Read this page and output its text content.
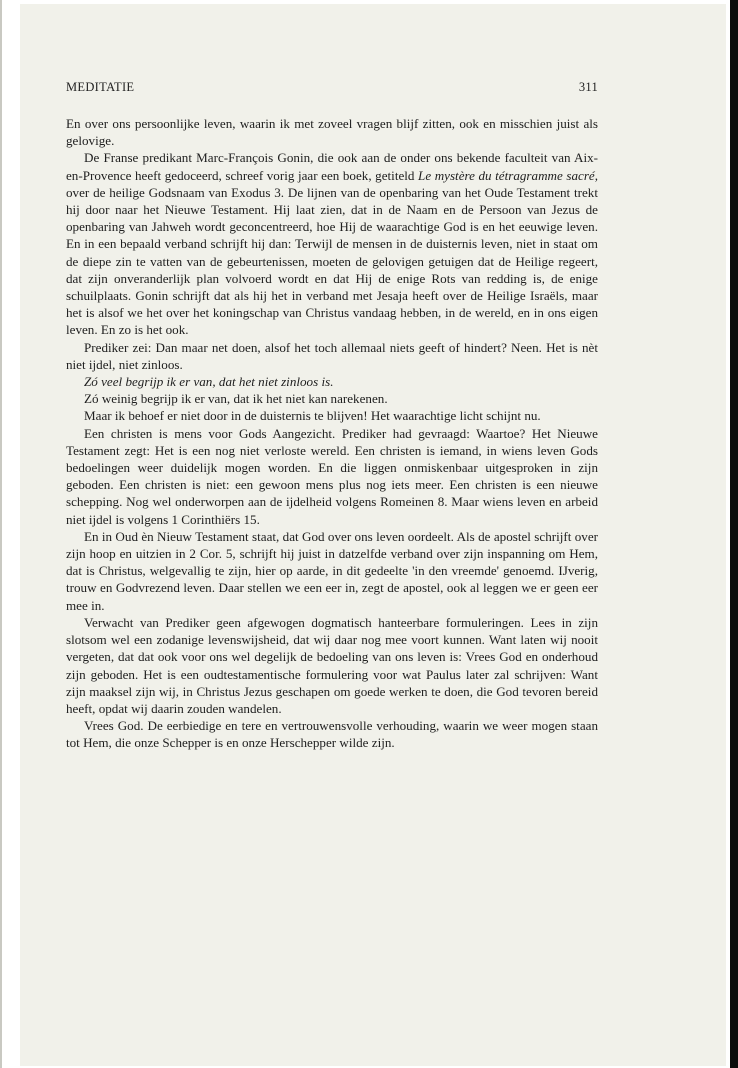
MEDITATIE	311

En over ons persoonlijke leven, waarin ik met zoveel vragen blijf zitten, ook en misschien juist als gelovige.

De Franse predikant Marc-François Gonin, die ook aan de onder ons bekende faculteit van Aix-en-Provence heeft gedoceerd, schreef vorig jaar een boek, getiteld Le mystère du tétragramme sacré, over de heilige Godsnaam van Exodus 3. De lijnen van de openbaring van het Oude Testament trekt hij door naar het Nieuwe Testament. Hij laat zien, dat in de Naam en de Persoon van Jezus de openbaring van Jahweh wordt geconcentreerd, hoe Hij de waarachtige God is en het eeuwige leven. En in een bepaald verband schrijft hij dan: Terwijl de mensen in de duisternis leven, niet in staat om de diepe zin te vatten van de gebeurtenissen, moeten de gelovigen getuigen dat de Heilige regeert, dat zijn onveranderlijk plan volvoerd wordt en dat Hij de enige Rots van redding is, de enige schuilplaats. Gonin schrijft dat als hij het in verband met Jesaja heeft over de Heilige Israëls, maar het is alsof we het over het koningschap van Christus vandaag hebben, in de wereld, en in ons eigen leven. En zo is het ook.

Prediker zei: Dan maar net doen, alsof het toch allemaal niets geeft of hindert? Neen. Het is nèt niet ijdel, niet zinloos.

Zó veel begrijp ik er van, dat het niet zinloos is.

Zó weinig begrijp ik er van, dat ik het niet kan narekenen.

Maar ik behoef er niet door in de duisternis te blijven! Het waarachtige licht schijnt nu.

Een christen is mens voor Gods Aangezicht. Prediker had gevraagd: Waartoe? Het Nieuwe Testament zegt: Het is een nog niet verloste wereld. Een christen is iemand, in wiens leven Gods bedoelingen weer duidelijk mogen worden. En die liggen onmiskenbaar uitgesproken in zijn geboden. Een christen is niet: een gewoon mens plus nog iets meer. Een christen is een nieuwe schepping. Nog wel onderworpen aan de ijdelheid volgens Romeinen 8. Maar wiens leven en arbeid niet ijdel is volgens 1 Corinthiërs 15.

En in Oud èn Nieuw Testament staat, dat God over ons leven oordeelt. Als de apostel schrijft over zijn hoop en uitzien in 2 Cor. 5, schrijft hij juist in datzelfde verband over zijn inspanning om Hem, dat is Christus, welgevallig te zijn, hier op aarde, in dit gedeelte 'in den vreemde' genoemd. IJverig, trouw en Godvrezend leven. Daar stellen we een eer in, zegt de apostel, ook al leggen we er geen eer mee in.

Verwacht van Prediker geen afgewogen dogmatisch hanteerbare formuleringen. Lees in zijn slotsom wel een zodanige levenswijsheid, dat wij daar nog mee voort kunnen. Want laten wij nooit vergeten, dat dat ook voor ons wel degelijk de bedoeling van ons leven is: Vrees God en onderhoud zijn geboden. Het is een oudtestamentische formulering voor wat Paulus later zal schrijven: Want zijn maaksel zijn wij, in Christus Jezus geschapen om goede werken te doen, die God tevoren bereid heeft, opdat wij daarin zouden wandelen.

Vrees God. De eerbiedige en tere en vertrouwensvolle verhouding, waarin we weer mogen staan tot Hem, die onze Schepper is en onze Herschepper wilde zijn.
